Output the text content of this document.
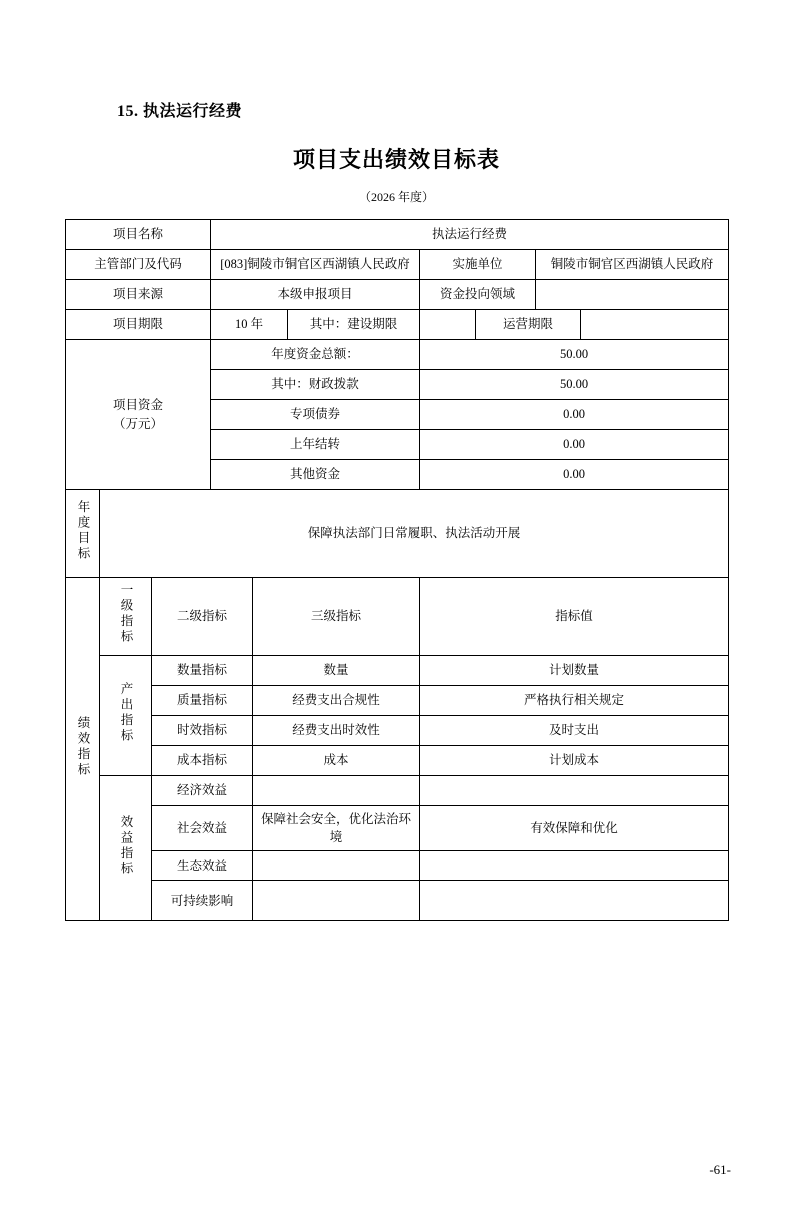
15. 执法运行经费
项目支出绩效目标表
（2026 年度）
项目名称			执法运行经费						
主管部门及代码			[083]铜陵市铜官区西湖镇人民政府			实施单位		铜陵市铜官区西湖镇人民政府	
项目来源			本级申报项目			资金投向领域			
项目期限			10 年		其中：建设期限		运营期限		

项目资金
（万元）			年度资金总额：			50.00			
			其中：财政拨款			50.00			
			专项债券			0.00			
			上年结转			0.00			
			其他资金			0.00			
年度目标	保障执法部门日常履职、执法活动开展								
绩效指标	一级指标	二级指标		三级指标		指标值			
	产出指标	数量指标		数量		计划数量			
		质量指标		经费支出合规性		严格执行相关规定			
		时效指标		经费支出时效性		及时支出			
		成本指标		成本		计划成本			
	效益指标	经济效益							
		社会效益		保障社会安全，优化法治环境		有效保障和优化			
		生态效益							
		可持续影响							
-61-
